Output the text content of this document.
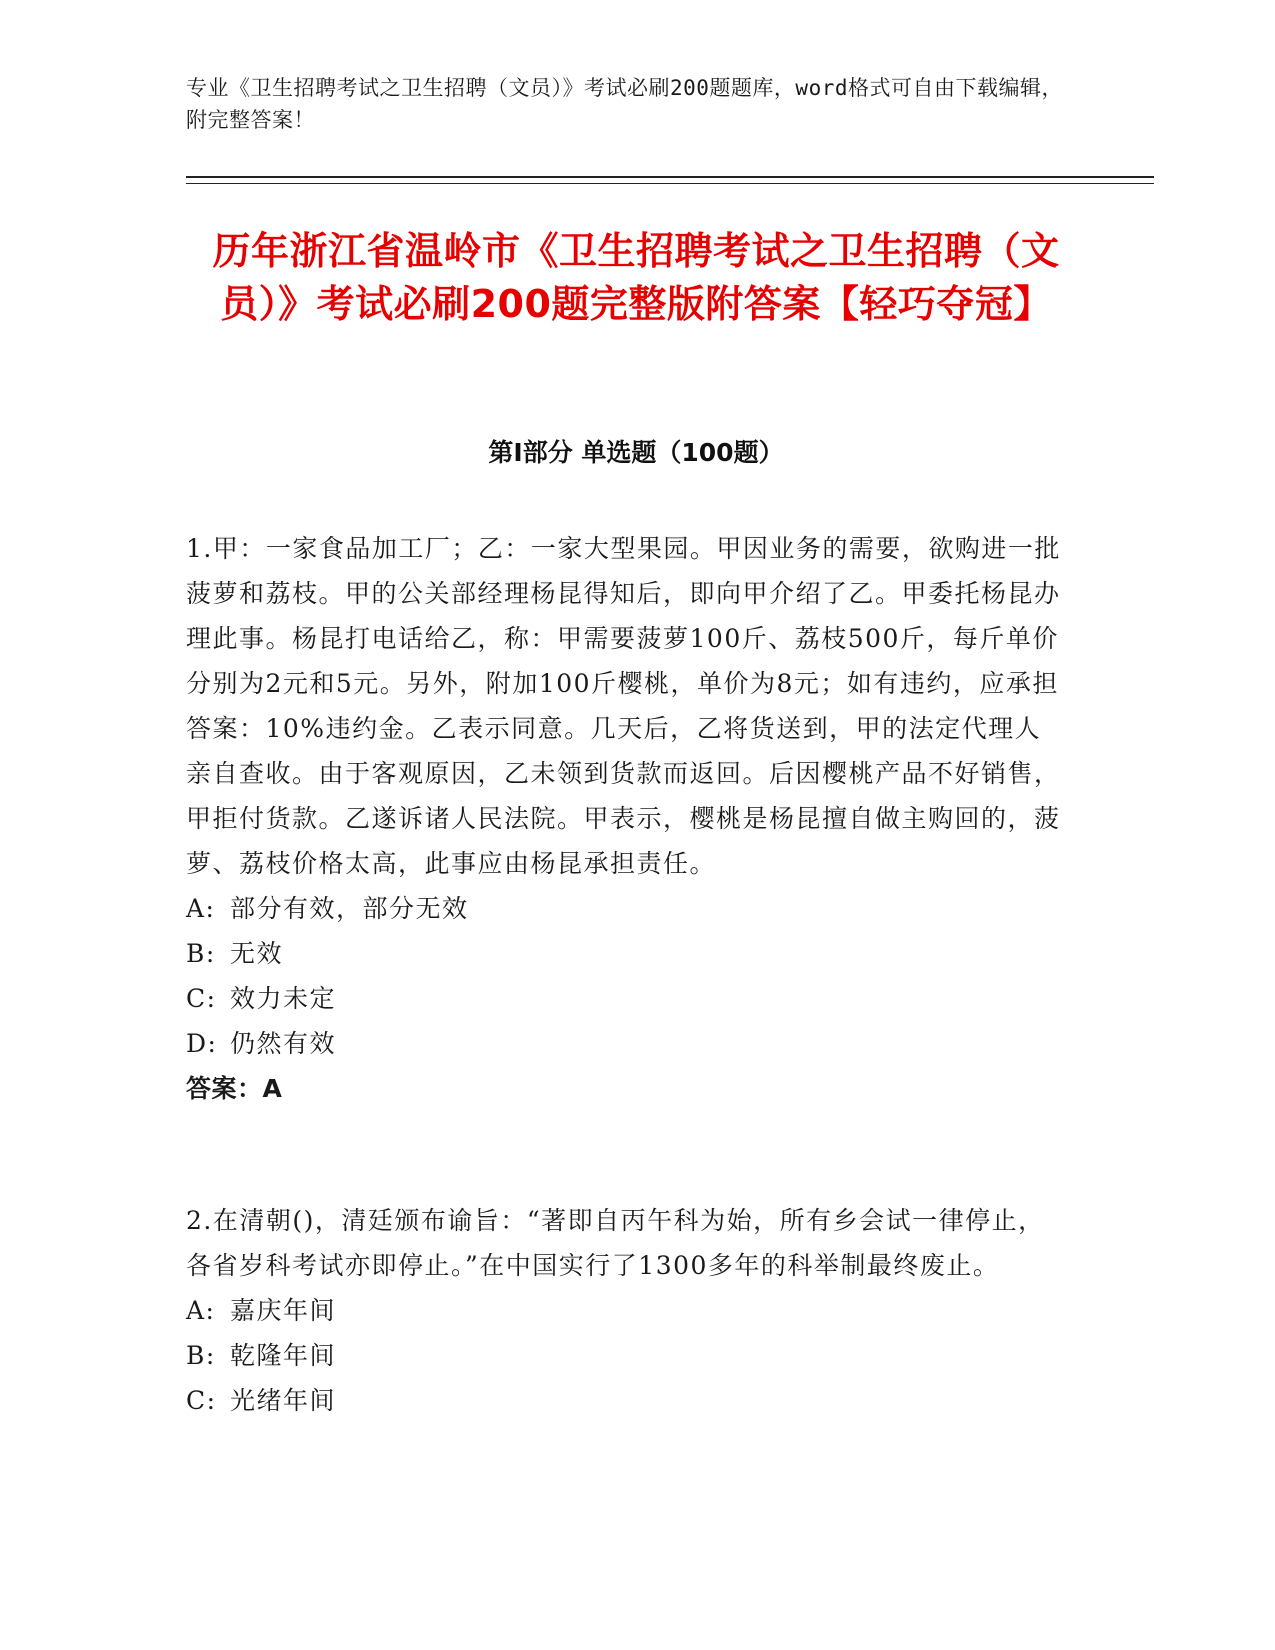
专业《卫生招聘考试之卫生招聘（文员）》考试必刷200题题库，word格式可自由下载编辑，附完整答案！
历年浙江省温岭市《卫生招聘考试之卫生招聘（文员）》考试必刷200题完整版附答案【轻巧夺冠】
第I部分 单选题（100题）

1.甲：一家食品加工厂；乙：一家大型果园。甲因业务的需要，欲购进一批菠萝和荔枝。甲的公关部经理杨昆得知后，即向甲介绍了乙。甲委托杨昆办理此事。杨昆打电话给乙，称：甲需要菠萝100斤、荔枝500斤，每斤单价分别为2元和5元。另外，附加100斤樱桃，单价为8元；如有违约，应承担答案：10%违约金。乙表示同意。几天后，乙将货送到，甲的法定代理人亲自查收。由于客观原因，乙未领到货款而返回。后因樱桃产品不好销售，甲拒付货款。乙遂诉诸人民法院。甲表示，樱桃是杨昆擅自做主购回的，菠萝、荔枝价格太高，此事应由杨昆承担责任。

A: 部分有效，部分无效
B: 无效
C: 效力未定
D: 仍然有效
答案：A

2.在清朝()，清廷颁布谕旨：“著即自丙午科为始，所有乡会试一律停止，各省岁科考试亦即停止。”在中国实行了1300多年的科举制最终废止。

A: 嘉庆年间
B: 乾隆年间
C: 光绪年间
